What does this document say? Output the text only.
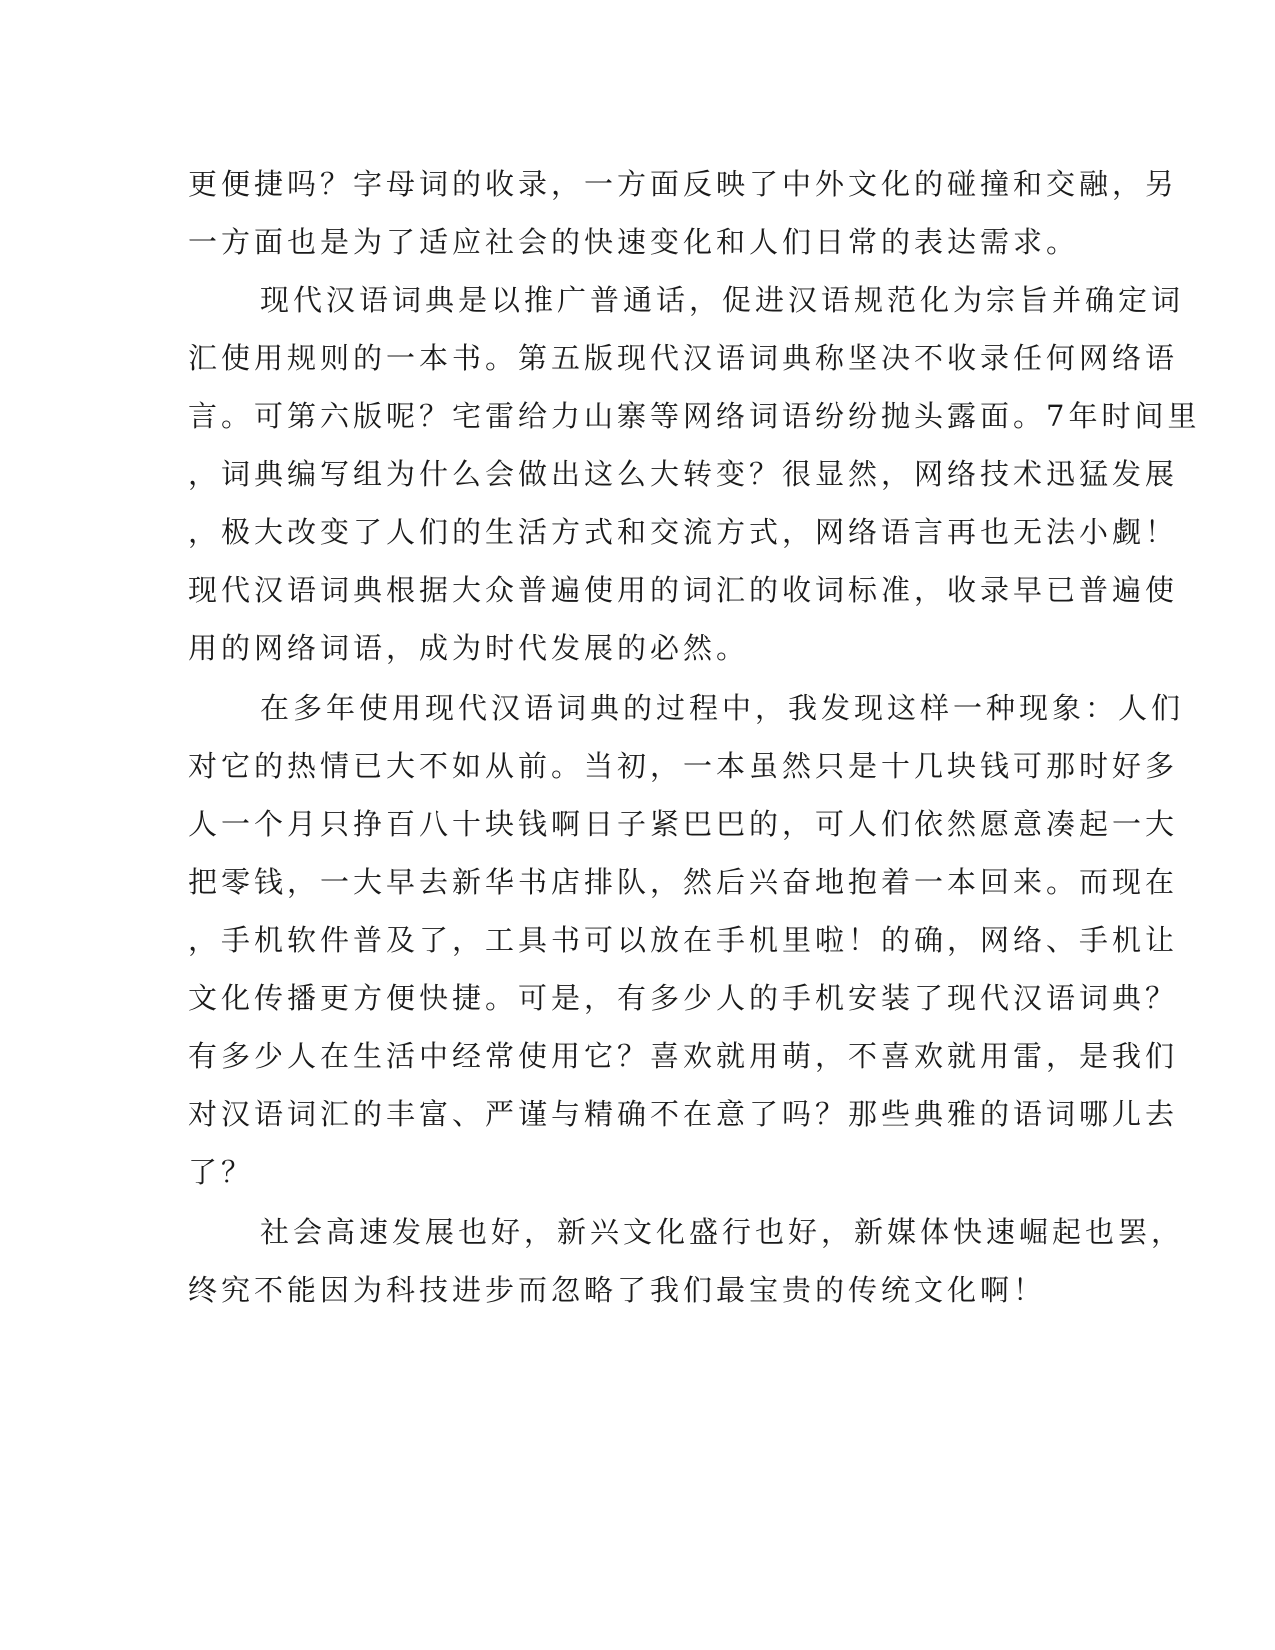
更便捷吗？字母词的收录，一方面反映了中外文化的碰撞和交融，另
一方面也是为了适应社会的快速变化和人们日常的表达需求。
现代汉语词典是以推广普通话，促进汉语规范化为宗旨并确定词
汇使用规则的一本书。第五版现代汉语词典称坚决不收录任何网络语
言。可第六版呢？宅雷给力山寨等网络词语纷纷抛头露面。7年时间里
，词典编写组为什么会做出这么大转变？很显然，网络技术迅猛发展
，极大改变了人们的生活方式和交流方式，网络语言再也无法小觑！
现代汉语词典根据大众普遍使用的词汇的收词标准，收录早已普遍使
用的网络词语，成为时代发展的必然。
在多年使用现代汉语词典的过程中，我发现这样一种现象：人们
对它的热情已大不如从前。当初，一本虽然只是十几块钱可那时好多
人一个月只挣百八十块钱啊日子紧巴巴的，可人们依然愿意凑起一大
把零钱，一大早去新华书店排队，然后兴奋地抱着一本回来。而现在
，手机软件普及了，工具书可以放在手机里啦！的确，网络、手机让
文化传播更方便快捷。可是，有多少人的手机安装了现代汉语词典？
有多少人在生活中经常使用它？喜欢就用萌，不喜欢就用雷，是我们
对汉语词汇的丰富、严谨与精确不在意了吗？那些典雅的语词哪儿去
了？
社会高速发展也好，新兴文化盛行也好，新媒体快速崛起也罢，
终究不能因为科技进步而忽略了我们最宝贵的传统文化啊！
